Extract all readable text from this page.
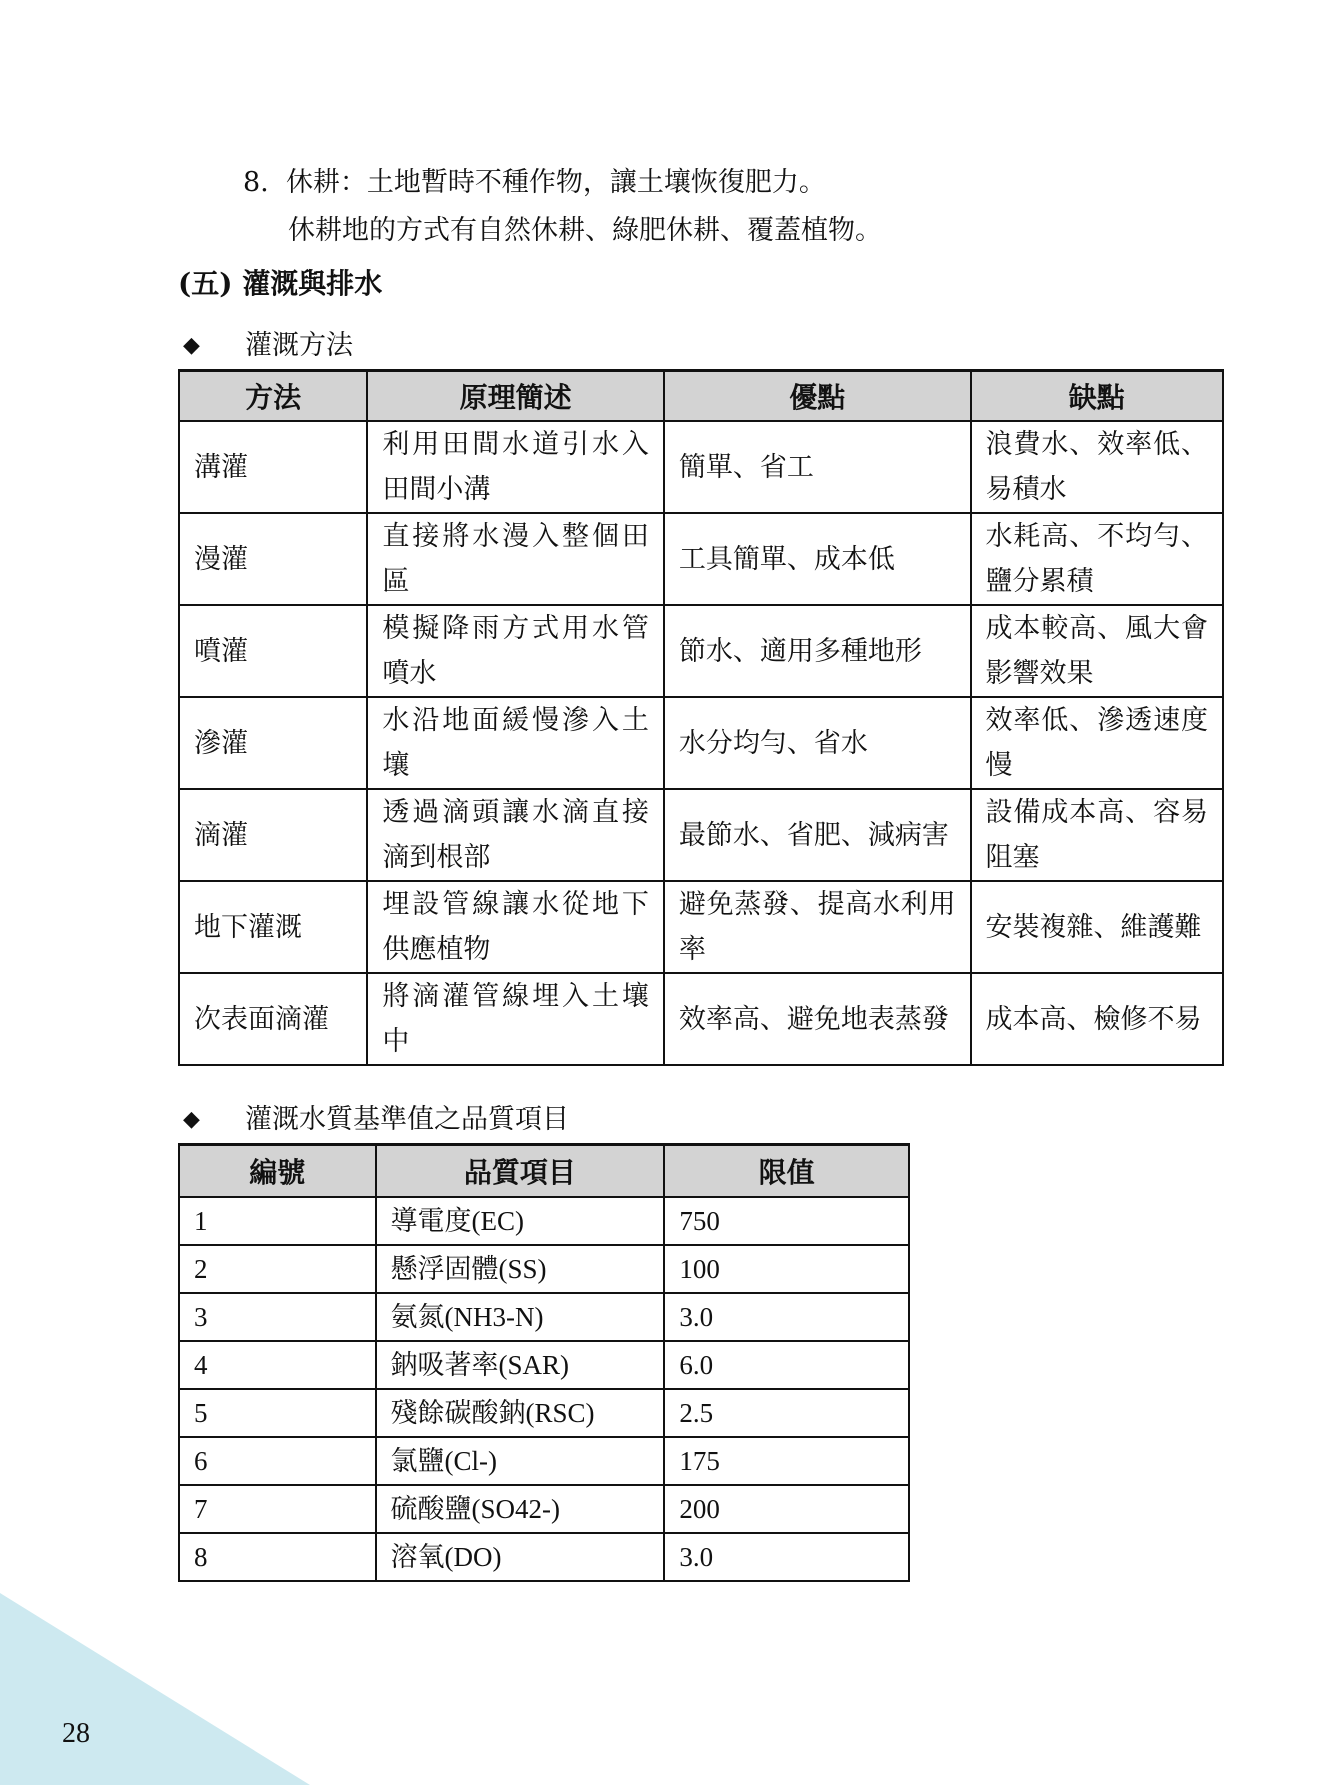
8. 休耕：土地暫時不種作物，讓土壤恢復肥力。
休耕地的方式有自然休耕、綠肥休耕、覆蓋植物。
(五) 灌溉與排水
◆	灌溉方法
方法	原理簡述	優點	缺點
溝灌	利用田間水道引水入田間小溝	簡單、省工	浪費水、效率低、易積水
漫灌	直接將水漫入整個田區	工具簡單、成本低	水耗高、不均勻、鹽分累積
噴灌	模擬降雨方式用水管噴水	節水、適用多種地形	成本較高、風大會影響效果
滲灌	水沿地面緩慢滲入土壤	水分均勻、省水	效率低、滲透速度慢
滴灌	透過滴頭讓水滴直接滴到根部	最節水、省肥、減病害	設備成本高、容易阻塞
地下灌溉	埋設管線讓水從地下供應植物	避免蒸發、提高水利用率	安裝複雜、維護難
次表面滴灌	將滴灌管線埋入土壤中	效率高、避免地表蒸發	成本高、檢修不易
◆	灌溉水質基準值之品質項目
編號	品質項目	限值
1	導電度(EC)	750
2	懸浮固體(SS)	100
3	氨氮(NH3-N)	3.0
4	鈉吸著率(SAR)	6.0
5	殘餘碳酸鈉(RSC)	2.5
6	氯鹽(Cl-)	175
7	硫酸鹽(SO42-)	200
8	溶氧(DO)	3.0
28
